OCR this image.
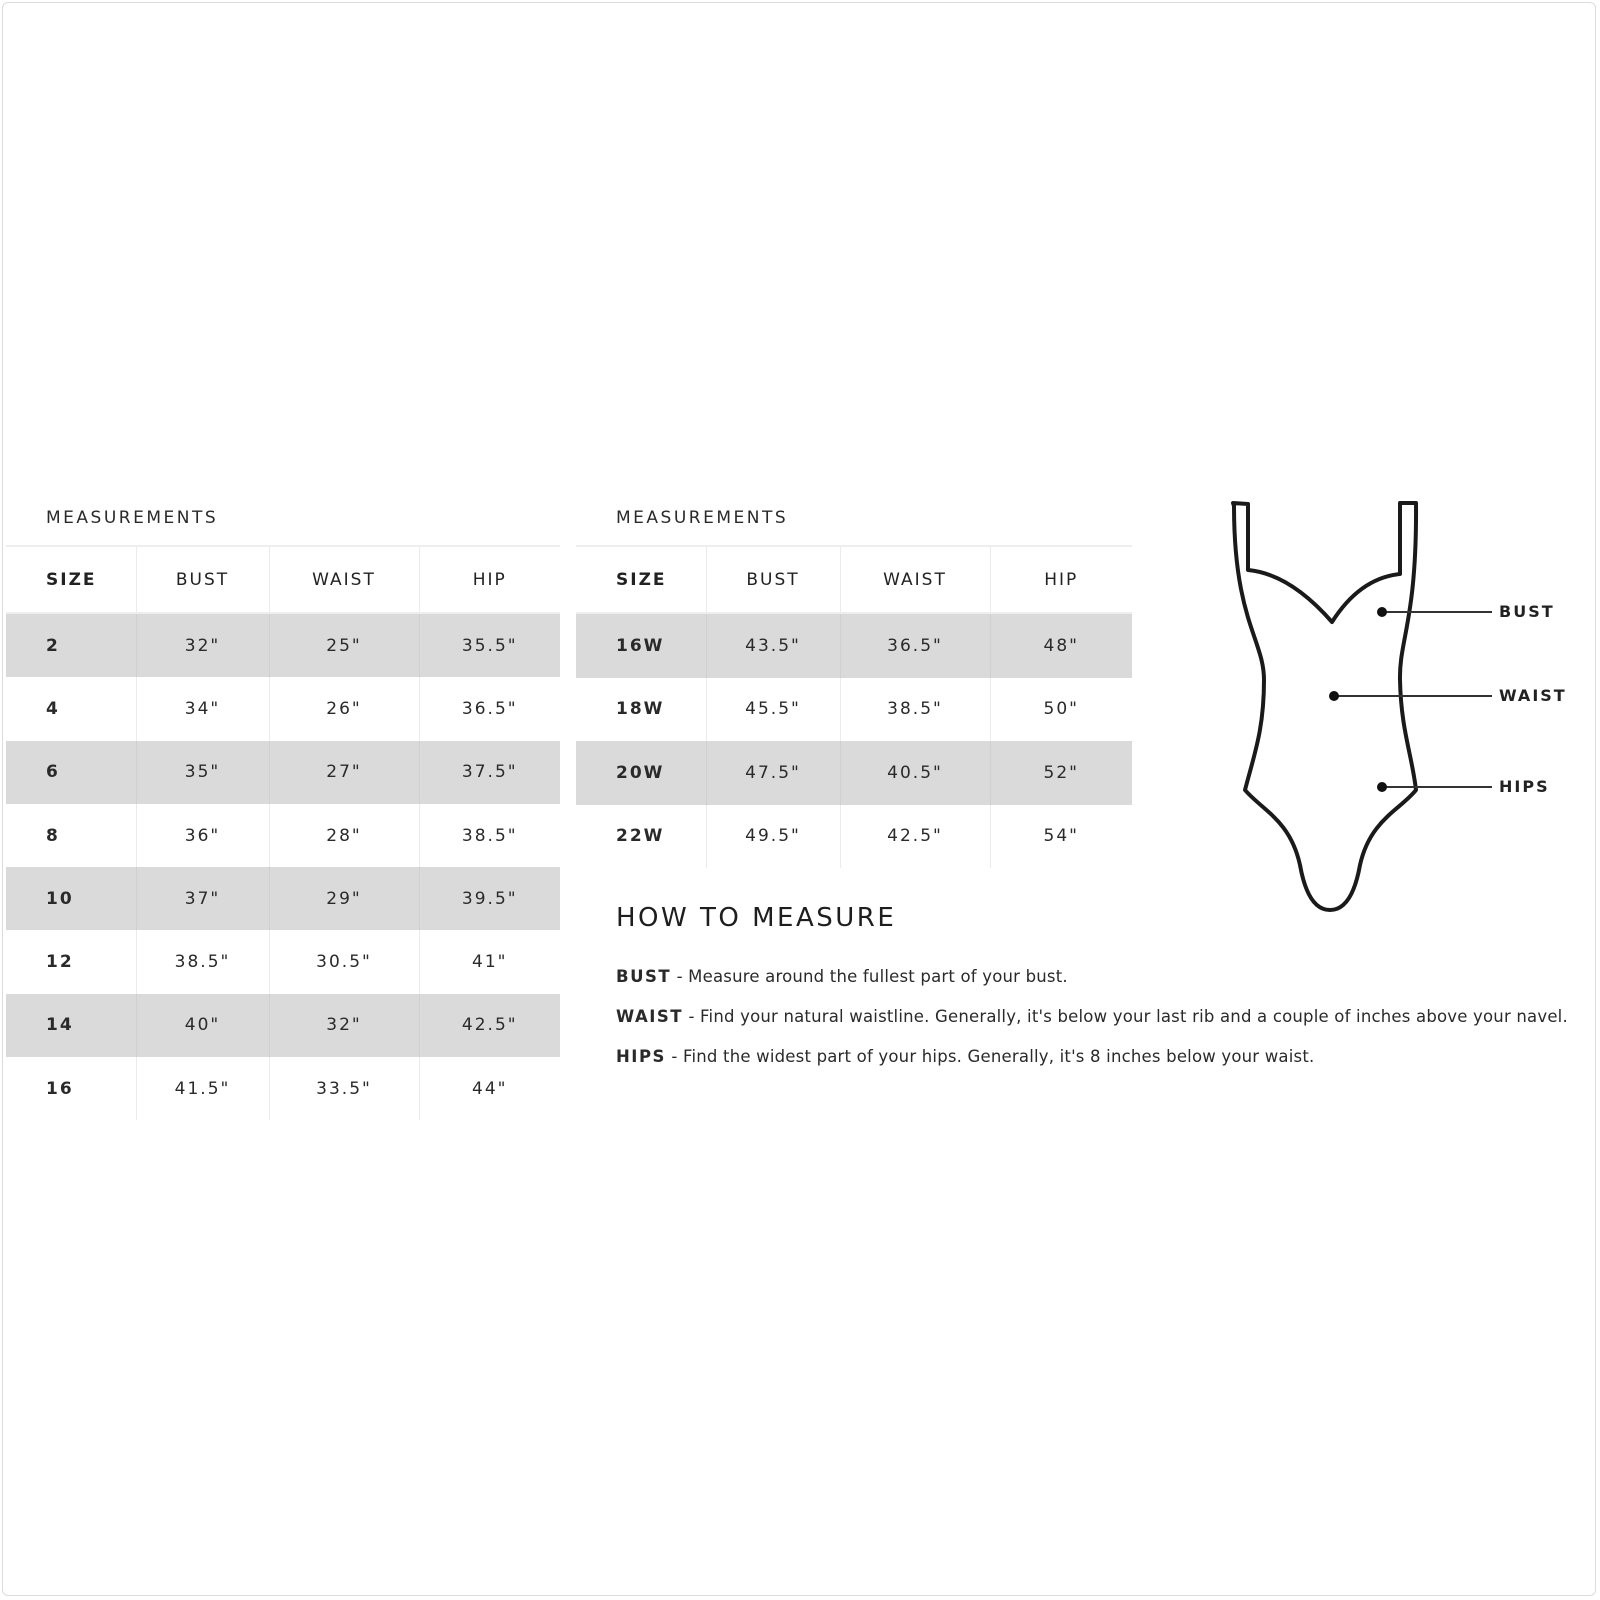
MEASUREMENTS
SIZE	BUST	WAIST	HIP
2	32"	25"	35.5"
4	34"	26"	36.5"
6	35"	27"	37.5"
8	36"	28"	38.5"
10	37"	29"	39.5"
12	38.5"	30.5"	41"
14	40"	32"	42.5"
16	41.5"	33.5"	44"
MEASUREMENTS
SIZE	BUST	WAIST	HIP
16W	43.5"	36.5"	48"
18W	45.5"	38.5"	50"
20W	47.5"	40.5"	52"
22W	49.5"	42.5"	54"
HOW TO MEASURE
BUST - Measure around the fullest part of your bust.
WAIST - Find your natural waistline. Generally, it's below your last rib and a couple of inches above your navel.
HIPS - Find the widest part of your hips. Generally, it's 8 inches below your waist.
BUST
WAIST
HIPS
